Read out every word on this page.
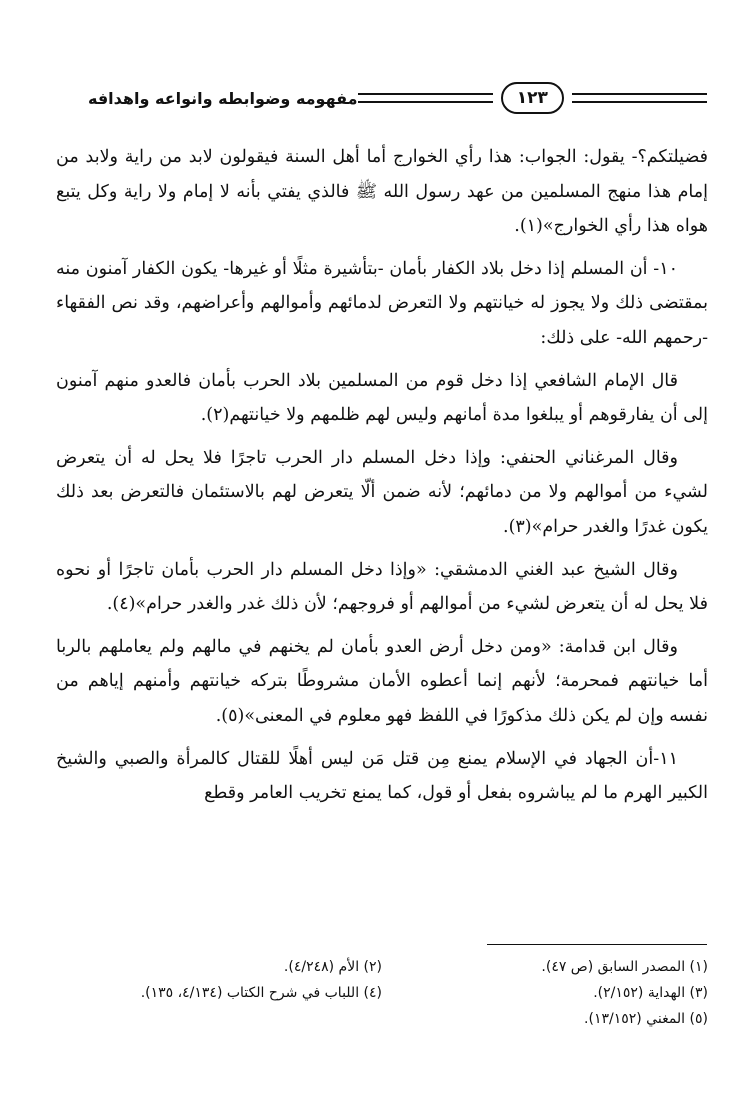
مفهومه وضوابطه وانواعه واهدافه	١٢٣

فضيلتكم؟- يقول: الجواب: هذا رأي الخوارج أما أهل السنة فيقولون لابد من راية ولابد من إمام هذا منهج المسلمين من عهد رسول الله ﷺ فالذي يفتي بأنه لا إمام ولا راية وكل يتبع هواه هذا رأي الخوارج»(١).

١٠- أن المسلم إذا دخل بلاد الكفار بأمان -بتأشيرة مثلًا أو غيرها- يكون الكفار آمنون منه بمقتضى ذلك ولا يجوز له خيانتهم ولا التعرض لدمائهم وأموالهم وأعراضهم، وقد نص الفقهاء -رحمهم الله- على ذلك:

قال الإمام الشافعي إذا دخل قوم من المسلمين بلاد الحرب بأمان فالعدو منهم آمنون إلى أن يفارقوهم أو يبلغوا مدة أمانهم وليس لهم ظلمهم ولا خيانتهم(٢).

وقال المرغناني الحنفي: وإذا دخل المسلم دار الحرب تاجرًا فلا يحل له أن يتعرض لشيء من أموالهم ولا من دمائهم؛ لأنه ضمن ألّا يتعرض لهم بالاستئمان فالتعرض بعد ذلك يكون غدرًا والغدر حرام»(٣).

وقال الشيخ عبد الغني الدمشقي: «وإذا دخل المسلم دار الحرب بأمان تاجرًا أو نحوه فلا يحل له أن يتعرض لشيء من أموالهم أو فروجهم؛ لأن ذلك غدر والغدر حرام»(٤).

وقال ابن قدامة: «ومن دخل أرض العدو بأمان لم يخنهم في مالهم ولم يعاملهم بالربا أما خيانتهم فمحرمة؛ لأنهم إنما أعطوه الأمان مشروطًا بتركه خيانتهم وأمنهم إياهم من نفسه وإن لم يكن ذلك مذكورًا في اللفظ فهو معلوم في المعنى»(٥).

١١-أن الجهاد في الإسلام يمنع مِن قتل مَن ليس أهلًا للقتال كالمرأة والصبي والشيخ الكبير الهرم ما لم يباشروه بفعل أو قول، كما يمنع تخريب العامر وقطع

(١) المصدر السابق (ص ٤٧).
(٢) الأم (٤/٢٤٨).
(٣) الهداية (٢/١٥٢).
(٤) اللباب في شرح الكتاب (٤/١٣٤، ١٣٥).
(٥) المغني (١٣/١٥٢).
